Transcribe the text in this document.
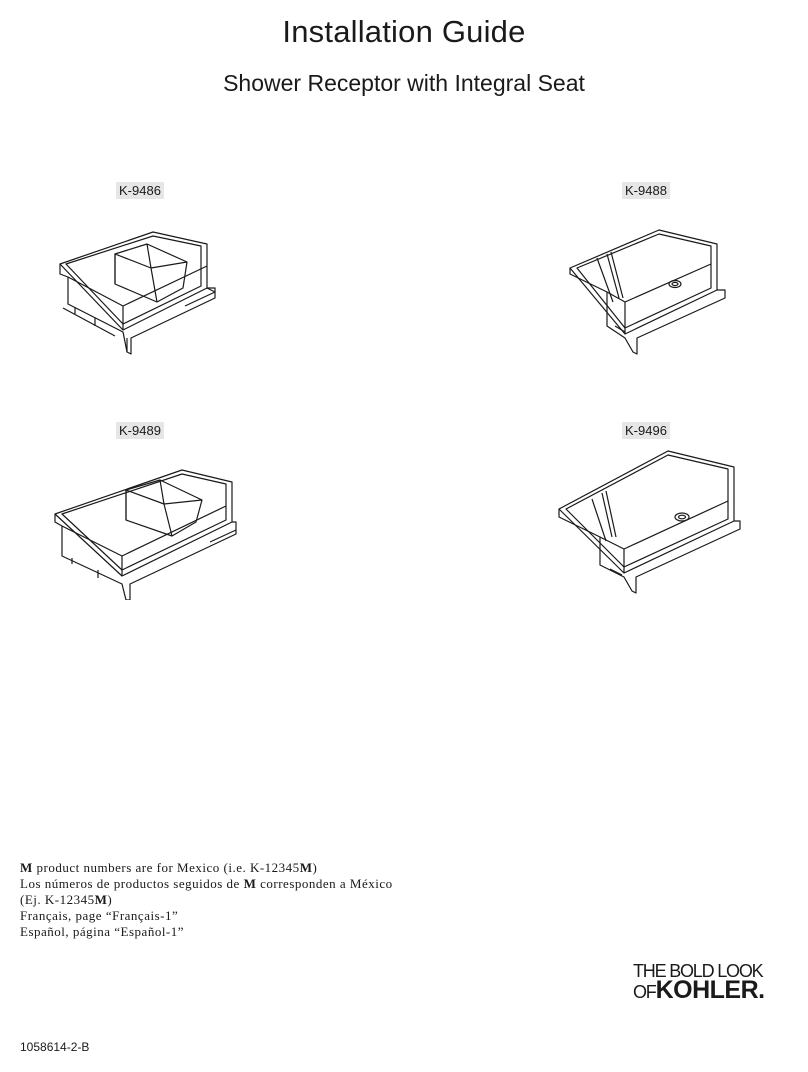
Installation Guide
Shower Receptor with Integral Seat
K-9486	K-9488
K-9489	K-9496
M product numbers are for Mexico (i.e. K-12345M)
Los números de productos seguidos de M corresponden a México
(Ej. K-12345M)
Français, page “Français-1”
Español, página “Español-1”
THE BOLD LOOK
OFKOHLER.
1058614-2-B
